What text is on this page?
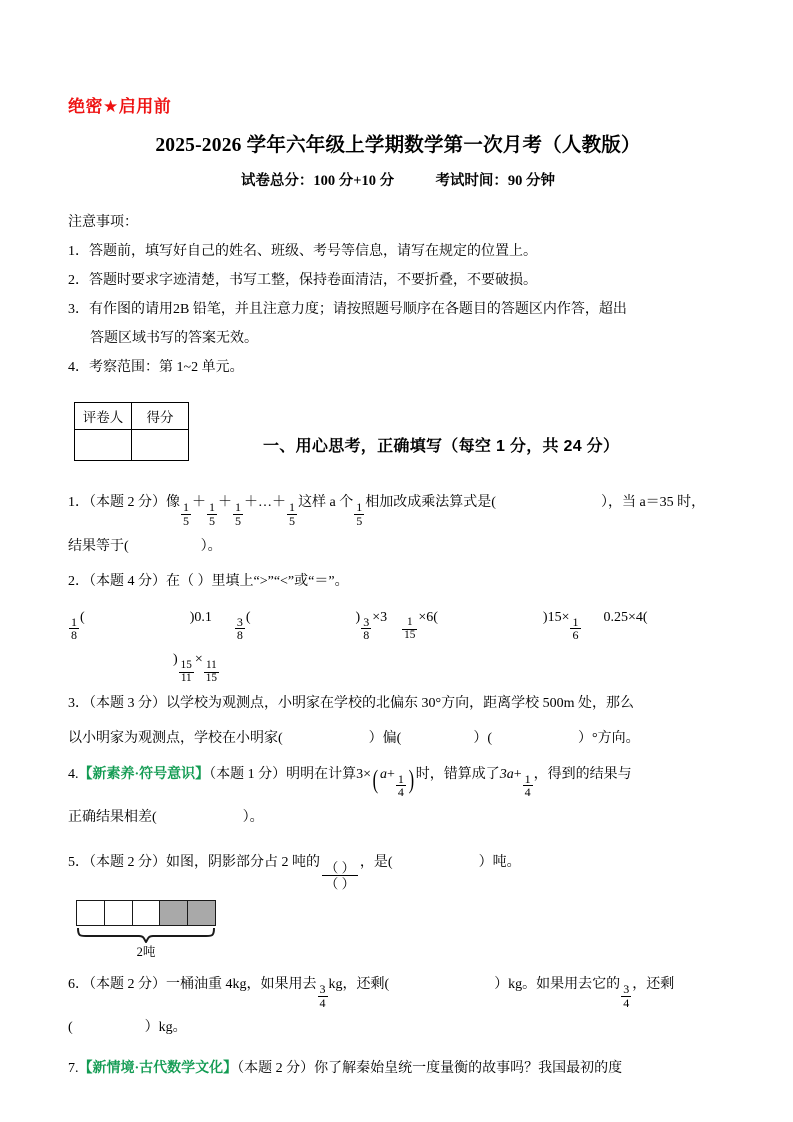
绝密★启用前
2025-2026 学年六年级上学期数学第一次月考（人教版）
试卷总分：100 分+10 分	考试时间：90 分钟
注意事项：
1．答题前，填写好自己的姓名、班级、考号等信息，请写在规定的位置上。
2．答题时要求字迹清楚，书写工整，保持卷面清洁，不要折叠，不要破损。
3．有作图的请用2B 铅笔，并且注意力度；请按照题号顺序在各题目的答题区内作答，超出
答题区域书写的答案无效。
4．考察范围：第 1~2 单元。
评卷人	得分

一、用心思考，正确填写（每空 1 分，共 24 分）
1．（本题 2 分）像 $\frac{1}{5} + \frac{1}{5} + \frac{1}{5}$ ＋…＋ $\frac{1}{5}$ 这样 a 个 $\frac{1}{5}$ 相加改成乘法算式是(	），当 a＝35 时，
结果等于(	）。
2．（本题 4 分）在（ ）里填上“>”“<”或“＝”。
$\frac{1}{8}$ (	)$0.1 \frac{3}{8}$ (	) $\frac{3}{8} \times 3$
$\frac{1}{15}$
×6(	)$15\times \frac{1}{6} 0.25\times 4()$
$\frac{15}{11}$
×
$\frac{11}{15}$
3．（本题 3 分）以学校为观测点，小明家在学校的北偏东 30°方向，距离学校 500m 处，那么
以小明家为观测点，学校在小明家(	）偏(	）(	）°方向。
4.【新素养·符号意识】（本题 1 分）明明在计算3×( $a+ \frac{1}{4}$ ) 时，错算成了$3a+ \frac{1}{4}$ ，得到的结果与
正确结果相差(	）。
5．（本题 2 分）如图，阴影部分占 2 吨的 $\frac{( )}{( )}$ ，是(	）吨。
2吨
6．（本题 2 分）一桶油重 4kg，如果用去 $\frac{3}{4}$ kg，还剩(	）kg。如果用去它的 $\frac{3}{4}$ ，还剩
(	）kg。
7.【新情境·古代数学文化】（本题 2 分）你了解秦始皇统一度量衡的故事吗？我国最初的度
